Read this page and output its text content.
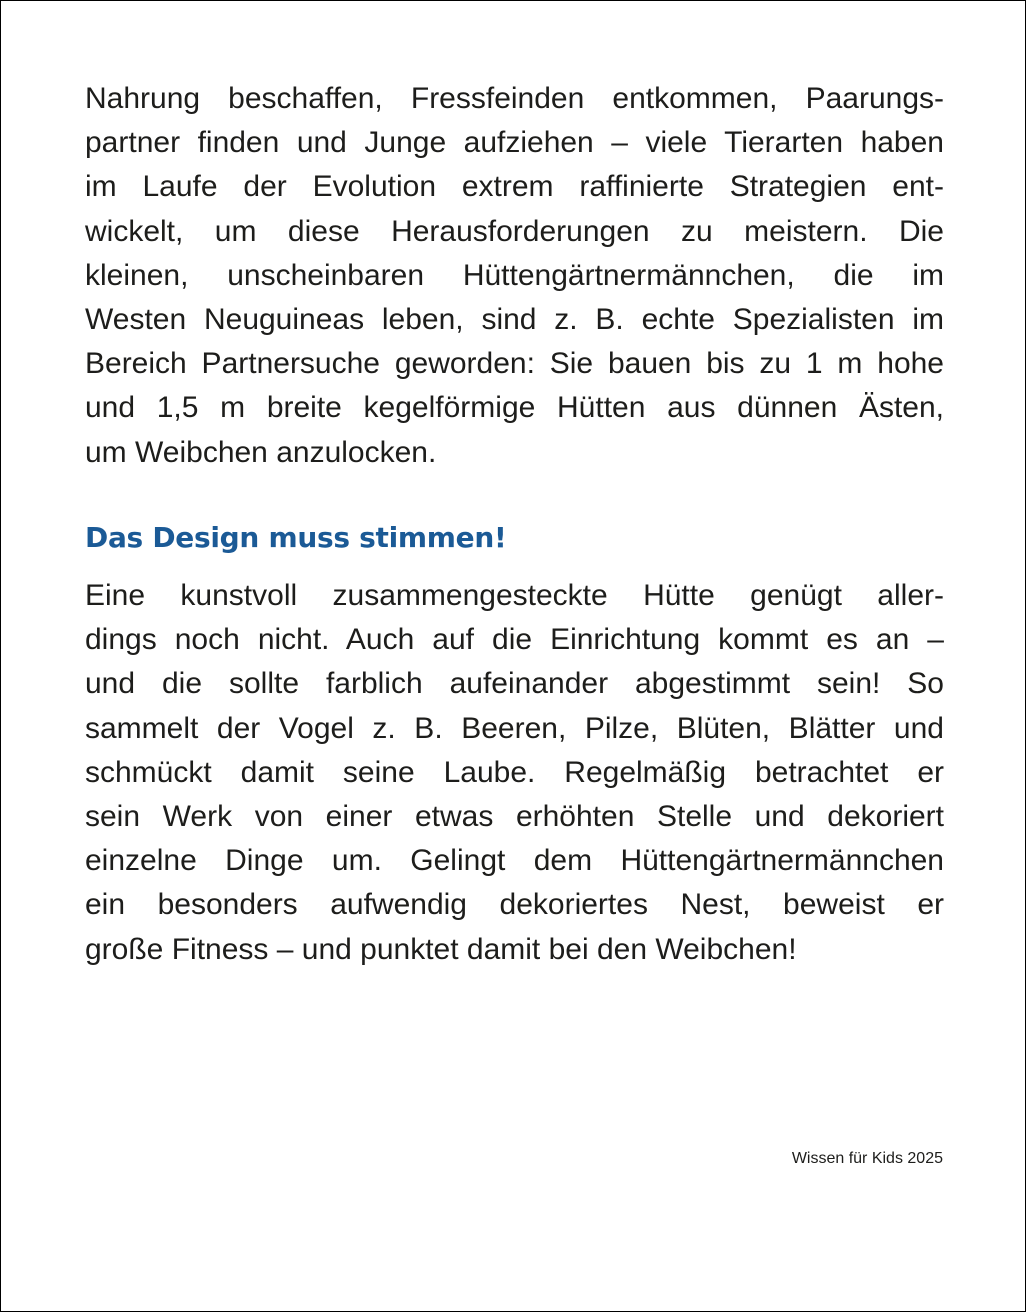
Nahrung beschaffen, Fressfeinden entkommen, Paarungs-
partner finden und Junge aufziehen – viele Tierarten haben
im Laufe der Evolution extrem raffinierte Strategien ent-
wickelt, um diese Herausforderungen zu meistern. Die
kleinen, unscheinbaren Hüttengärtnermännchen, die im
Westen Neuguineas leben, sind z. B. echte Spezialisten im
Bereich Partnersuche geworden: Sie bauen bis zu 1 m hohe
und 1,5 m breite kegelförmige Hütten aus dünnen Ästen,
um Weibchen anzulocken.

Das Design muss stimmen!

Eine kunstvoll zusammengesteckte Hütte genügt aller-
dings noch nicht. Auch auf die Einrichtung kommt es an –
und die sollte farblich aufeinander abgestimmt sein! So
sammelt der Vogel z. B. Beeren, Pilze, Blüten, Blätter und
schmückt damit seine Laube. Regelmäßig betrachtet er
sein Werk von einer etwas erhöhten Stelle und dekoriert
einzelne Dinge um. Gelingt dem Hüttengärtnermännchen
ein besonders aufwendig dekoriertes Nest, beweist er
große Fitness – und punktet damit bei den Weibchen!

Wissen für Kids 2025
